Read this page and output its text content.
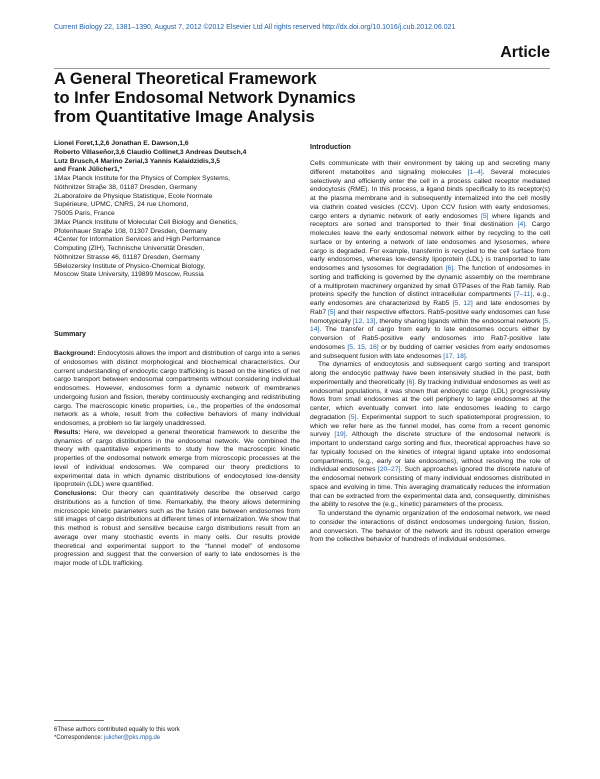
Current Biology 22, 1381–1390, August 7, 2012 ©2012 Elsevier Ltd All rights reserved http://dx.doi.org/10.1016/j.cub.2012.06.021
Article
A General Theoretical Framework
to Infer Endosomal Network Dynamics
from Quantitative Image Analysis
Lionel Foret,1,2,6 Jonathan E. Dawson,1,6
Roberto Villaseñor,3,6 Claudio Collinet,3 Andreas Deutsch,4
Lutz Brusch,4 Marino Zerial,3 Yannis Kalaidzidis,3,5
and Frank Jülicher1,*
1Max Planck Institute for the Physics of Complex Systems,
Nöthnitzer Straβe 38, 01187 Dresden, Germany
2Laboratoire de Physique Statistique, Ecole Normale
Supérieure, UPMC, CNRS, 24 rue Lhomond,
75005 Paris, France
3Max Planck Institute of Molecular Cell Biology and Genetics,
Pfotenhauer Straβe 108, 01307 Dresden, Germany
4Center for Information Services and High Performance
Computing (ZIH), Technische Universität Dresden,
Nöthnitzer Strasse 46, 01187 Dresden, Germany
5Belozersky Institute of Physico-Chemical Biology,
Moscow State University, 119899 Moscow, Russia
Summary

Background: Endocytosis allows the import and distribution of cargo into a series of endosomes with distinct morphological and biochemical characteristics. Our current understanding of endocytic cargo trafficking is based on the kinetics of net cargo transport between endosomal compartments without considering individual endosomes. However, endosomes form a dynamic network of membranes undergoing fusion and fission, thereby continuously exchanging and redistributing cargo. The macroscopic kinetic properties, i.e., the properties of the endosomal network as a whole, result from the collective behaviors of many individual endosomes, a problem so far largely unaddressed.

Results: Here, we developed a general theoretical framework to describe the dynamics of cargo distributions in the endosomal network. We combined the theory with quantitative experiments to study how the macroscopic kinetic properties of the endosomal network emerge from microscopic processes at the level of individual endosomes. We compared our theory predictions to experimental data in which dynamic distributions of endocytosed low-density lipoprotein (LDL) were quantified.

Conclusions: Our theory can quantitatively describe the observed cargo distributions as a function of time. Remarkably, the theory allows determining microscopic kinetic parameters such as the fusion rate between endosomes from still images of cargo distributions at different times of internalization. We show that this method is robust and sensitive because cargo distributions result from an average over many stochastic events in many cells. Our results provide theoretical and experimental support to the “funnel model” of endosome progression and suggest that the conversion of early to late endosomes is the major mode of LDL trafficking.

Introduction

Cells communicate with their environment by taking up and secreting many different metabolites and signaling molecules [1–4]. Several molecules selectively and efficiently enter the cell in a process called receptor mediated endocytosis (RME). In this process, a ligand binds specifically to its receptor(s) at the plasma membrane and is subsequently internalized into the cell mostly via clathrin coated vesicles (CCV). Upon CCV fusion with early endosomes, cargo enters a dynamic network of early endosomes [5] where ligands and receptors are sorted and transported to their final destination [4]. Cargo molecules leave the early endosomal network either by recycling to the cell surface or by entering a network of late endosomes and lysosomes, where cargo is degraded. For example, transferrin is recycled to the cell surface from early endosomes, whereas low-density lipoprotein (LDL) is transported to late endosomes and lysosomes for degradation [6]. The function of endosomes in sorting and trafficking is governed by the dynamic assembly on the membrane of a multiprotein machinery organized by small GTPases of the Rab family. Rab proteins specify the function of distinct intracellular compartments [7–11], e.g., early endosomes are characterized by Rab5 [5, 12] and late endosomes by Rab7 [5] and their respective effectors. Rab5-positive early endosomes can fuse homotypically [12, 13], thereby sharing ligands within the endosomal network [5, 14]. The transfer of cargo from early to late endosomes occurs either by conversion of Rab5-positive early endosomes into Rab7-positive late endosomes [5, 15, 16] or by budding of carrier vesicles from early endosomes and subsequent fusion with late endosomes [17, 18].

The dynamics of endocytosis and subsequent cargo sorting and transport along the endocytic pathway have been intensively studied in the past, both experimentally and theoretically [6]. By tracking individual endosomes as well as endosomal populations, it was shown that endocytic cargo (LDL) progressively flows from small endosomes at the cell periphery to large endosomes at the center, which eventually convert into late endosomes leading to cargo degradation [5]. Experimental support to such spatiotemporal progression, to which we refer here as the funnel model, has come from a recent genomic survey [19]. Although the discrete structure of the endosomal network is important to understand cargo sorting and flux, theoretical approaches have so far typically focused on the kinetics of integral ligand uptake into endosomal compartments, (e.g., early or late endosomes), without resolving the role of individual endosomes [20–27]. Such approaches ignored the discrete nature of the endosomal network consisting of many individual endosomes distributed in space and evolving in time. This averaging dramatically reduces the information that can be extracted from the experimental data and, consequently, diminishes the ability to resolve the (e.g., kinetic) parameters of the process.

To understand the dynamic organization of the endosomal network, we need to consider the interactions of distinct endosomes undergoing fusion, fission, and conversion. The behavior of the network and its robust operation emerge from the collective behavior of hundreds of individual endosomes.

6These authors contributed equally to this work
*Correspondence: julicher@pks.mpg.de
